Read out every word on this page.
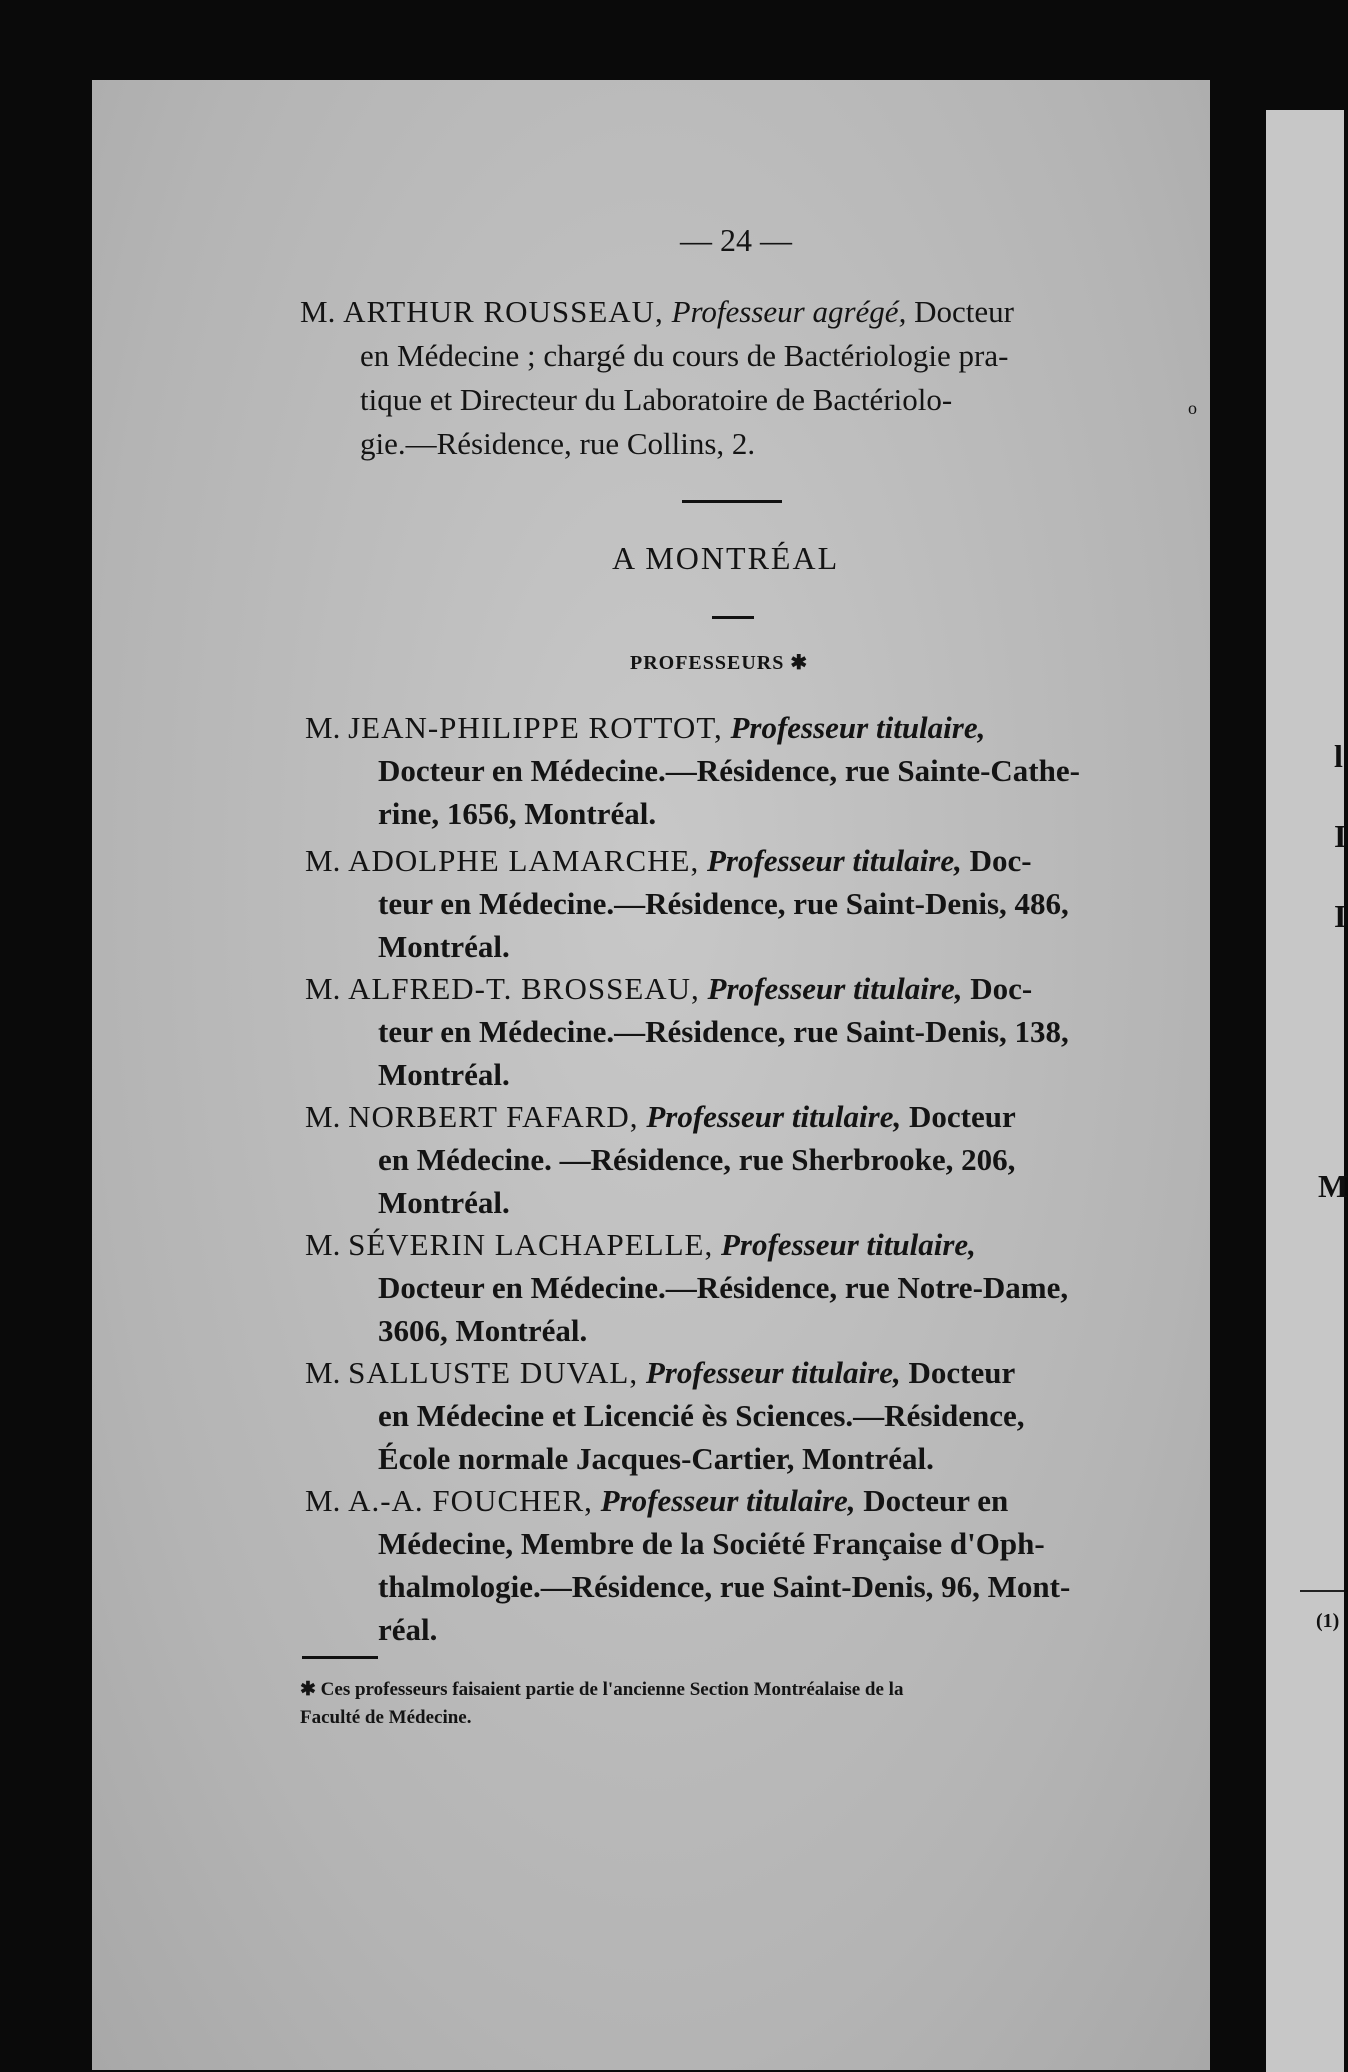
o
l
I
I
M
(1)
— 24 —
M. ARTHUR ROUSSEAU, Professeur agrégé, Docteur
en Médecine ; chargé du cours de Bactériologie pra-
tique et Directeur du Laboratoire de Bactériolo-
gie.—Résidence, rue Collins, 2.
A MONTRÉAL
PROFESSEURS ✱
M. JEAN-PHILIPPE ROTTOT, Professeur titulaire,
Docteur en Médecine.—Résidence, rue Sainte-Cathe-
rine, 1656, Montréal.
M. ADOLPHE LAMARCHE, Professeur titulaire, Doc-
teur en Médecine.—Résidence, rue Saint-Denis, 486,
Montréal.
M. ALFRED-T. BROSSEAU, Professeur titulaire, Doc-
teur en Médecine.—Résidence, rue Saint-Denis, 138,
Montréal.
M. NORBERT FAFARD, Professeur titulaire, Docteur
en Médecine. —Résidence, rue Sherbrooke, 206,
Montréal.
M. SÉVERIN LACHAPELLE, Professeur titulaire,
Docteur en Médecine.—Résidence, rue Notre-Dame,
3606, Montréal.
M. SALLUSTE DUVAL, Professeur titulaire, Docteur
en Médecine et Licencié ès Sciences.—Résidence,
École normale Jacques-Cartier, Montréal.
M. A.-A. FOUCHER, Professeur titulaire, Docteur en
Médecine, Membre de la Société Française d'Oph-
thalmologie.—Résidence, rue Saint-Denis, 96, Mont-
réal.
✱ Ces professeurs faisaient partie de l'ancienne Section Montréalaise de la
Faculté de Médecine.
